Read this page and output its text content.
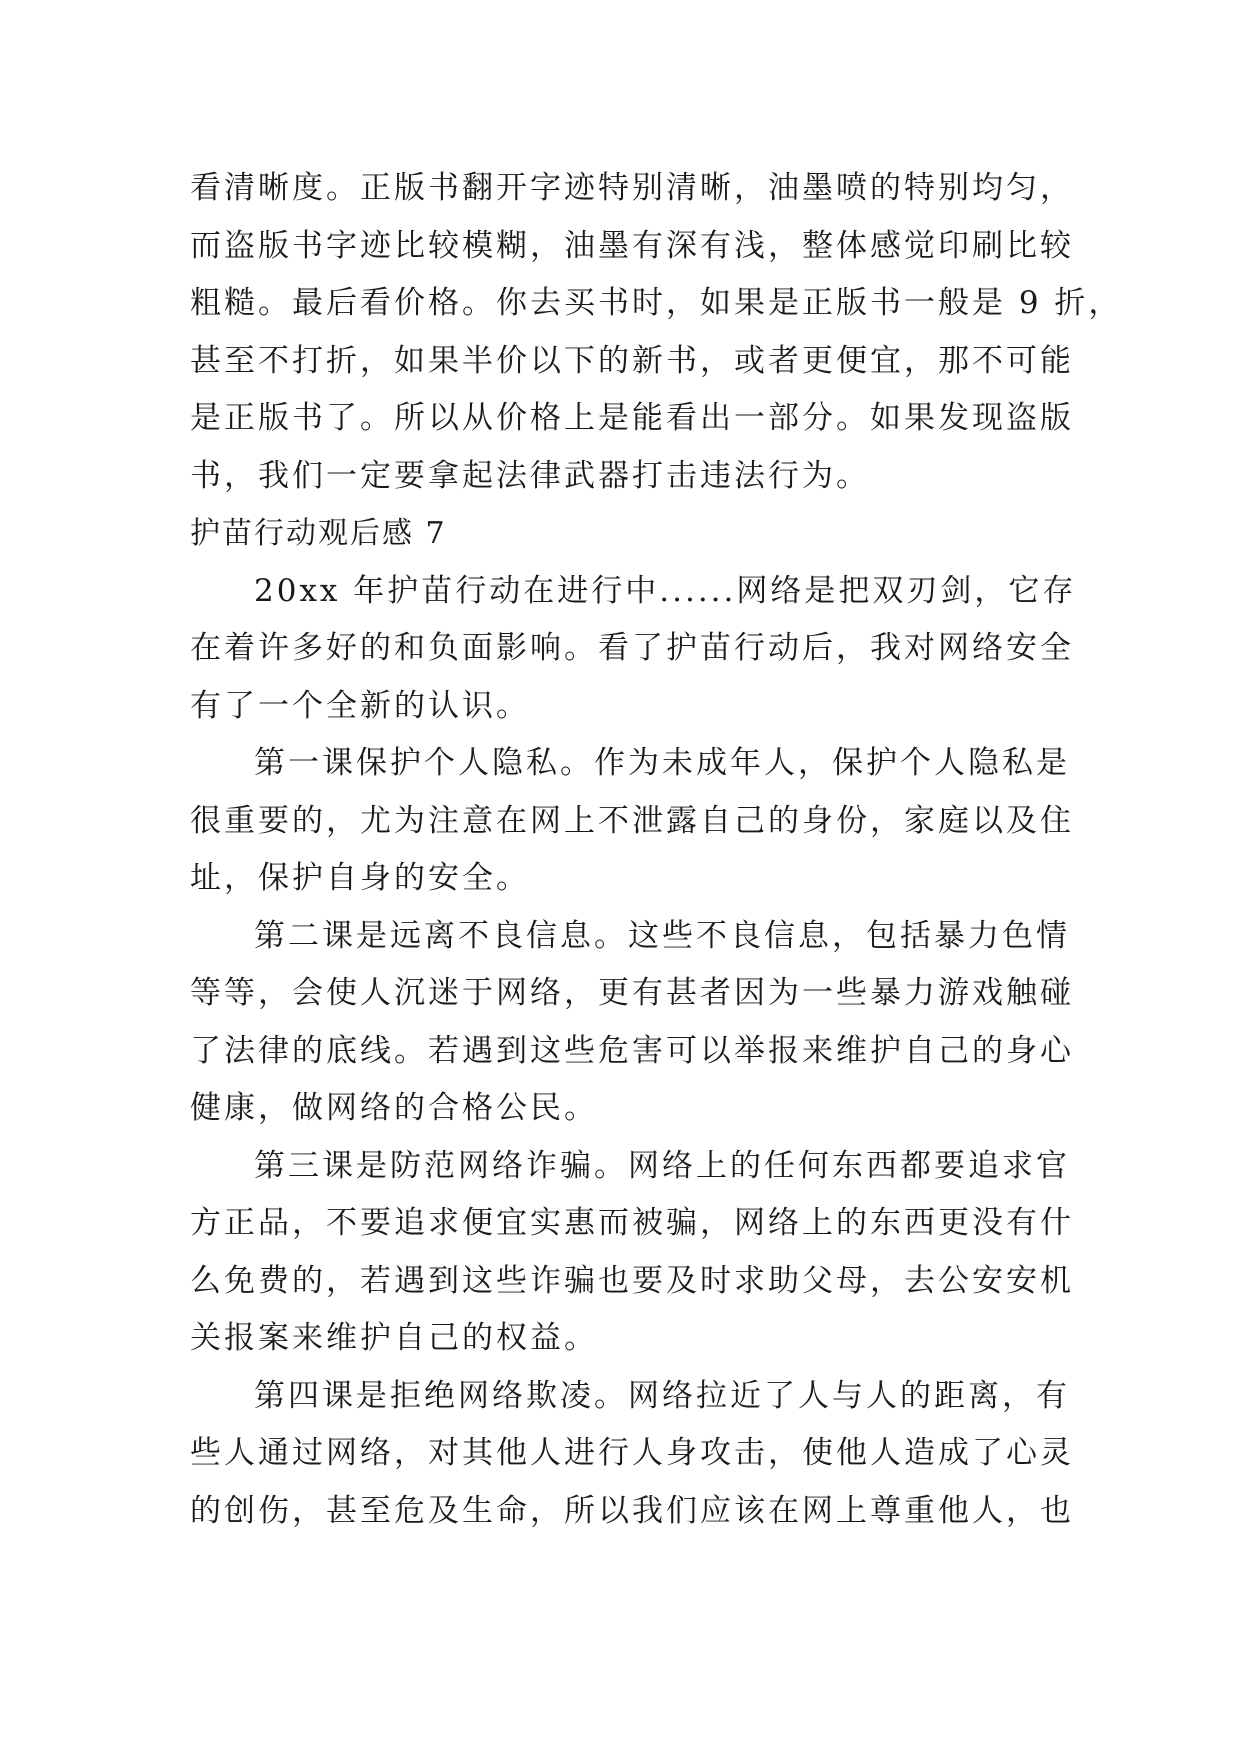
看清晰度。正版书翻开字迹特别清晰，油墨喷的特别均匀，
而盗版书字迹比较模糊，油墨有深有浅，整体感觉印刷比较
粗糙。最后看价格。你去买书时，如果是正版书一般是 9 折，
甚至不打折，如果半价以下的新书，或者更便宜，那不可能
是正版书了。所以从价格上是能看出一部分。如果发现盗版
书，我们一定要拿起法律武器打击违法行为。
护苗行动观后感 7
20xx 年护苗行动在进行中......网络是把双刃剑，它存
在着许多好的和负面影响。看了护苗行动后，我对网络安全
有了一个全新的认识。
第一课保护个人隐私。作为未成年人，保护个人隐私是
很重要的，尤为注意在网上不泄露自己的身份，家庭以及住
址，保护自身的安全。
第二课是远离不良信息。这些不良信息，包括暴力色情
等等，会使人沉迷于网络，更有甚者因为一些暴力游戏触碰
了法律的底线。若遇到这些危害可以举报来维护自己的身心
健康，做网络的合格公民。
第三课是防范网络诈骗。网络上的任何东西都要追求官
方正品，不要追求便宜实惠而被骗，网络上的东西更没有什
么免费的，若遇到这些诈骗也要及时求助父母，去公安安机
关报案来维护自己的权益。
第四课是拒绝网络欺凌。网络拉近了人与人的距离，有
些人通过网络，对其他人进行人身攻击，使他人造成了心灵
的创伤，甚至危及生命，所以我们应该在网上尊重他人，也
